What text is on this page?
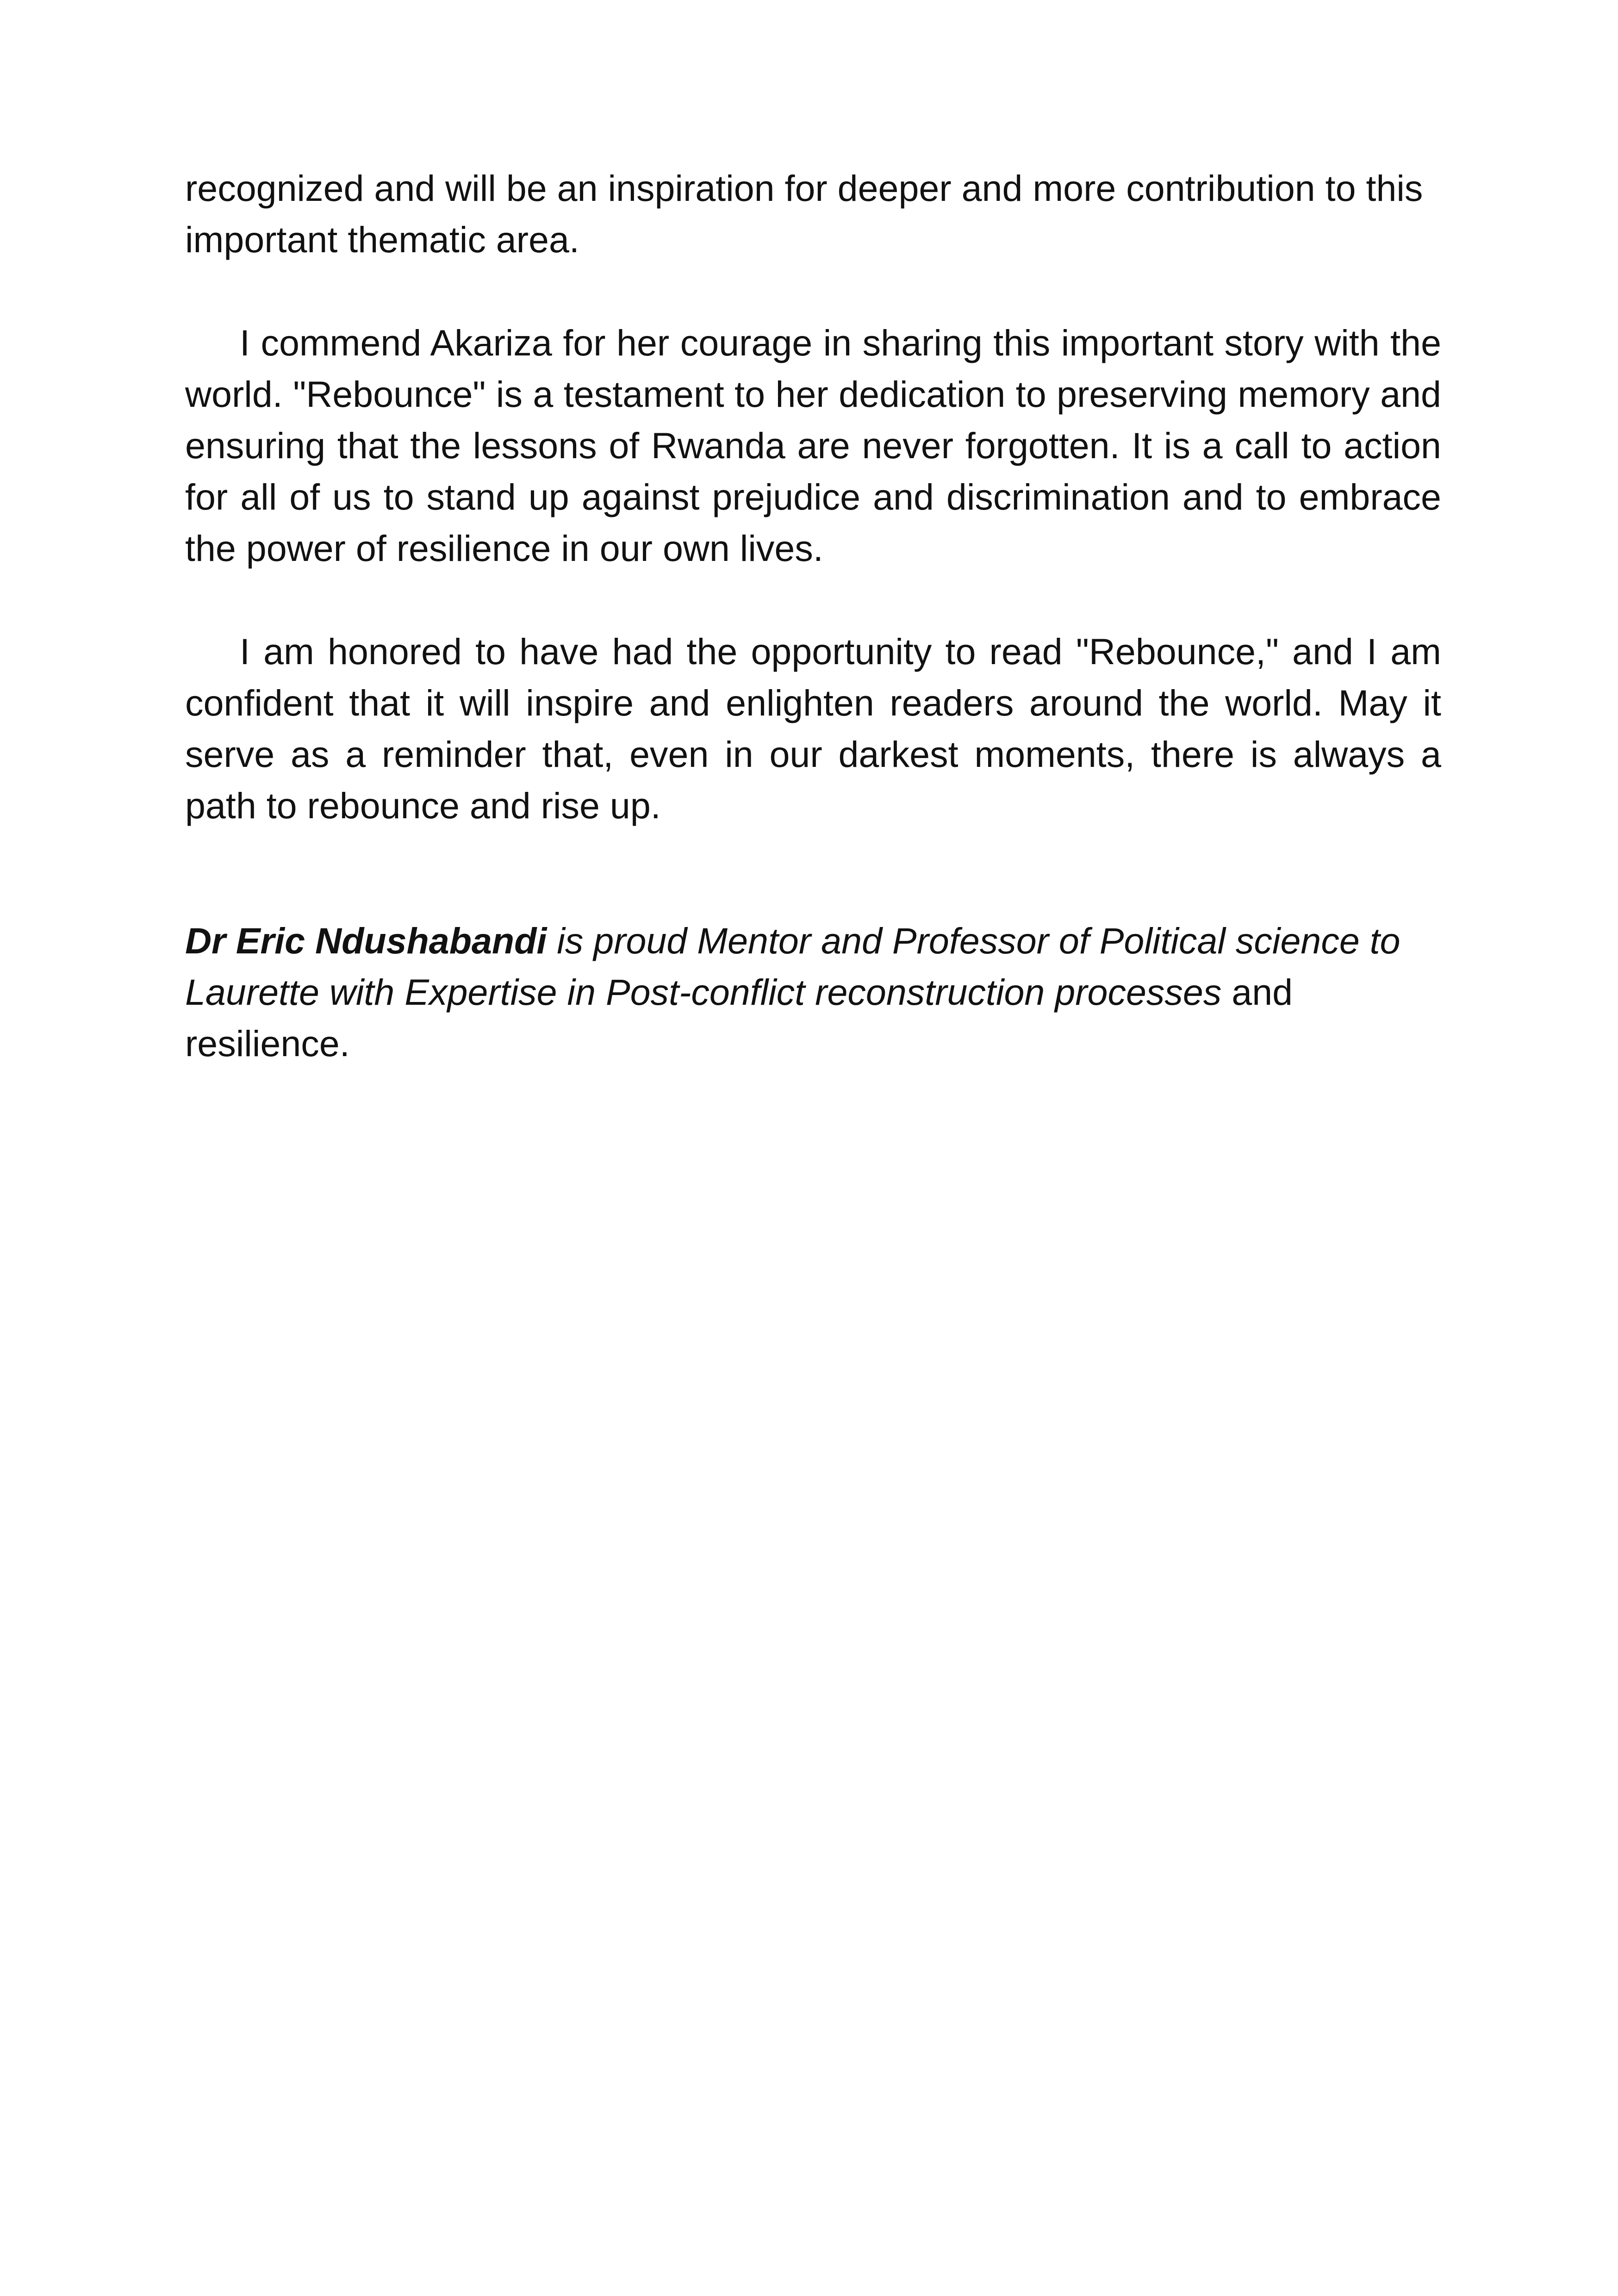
recognized and will be an inspiration for deeper and more contribution to this important thematic area.

I commend Akariza for her courage in sharing this important story with the world. "Rebounce" is a testament to her dedication to preserving memory and ensuring that the lessons of Rwanda are never forgotten. It is a call to action for all of us to stand up against prejudice and discrimination and to embrace the power of resilience in our own lives.

I am honored to have had the opportunity to read "Rebounce," and I am confident that it will inspire and enlighten readers around the world. May it serve as a reminder that, even in our darkest moments, there is always a path to rebounce and rise up.

Dr Eric Ndushabandi is proud Mentor and Professor of Political science to Laurette with Expertise in Post-conflict reconstruction processes and resilience.
